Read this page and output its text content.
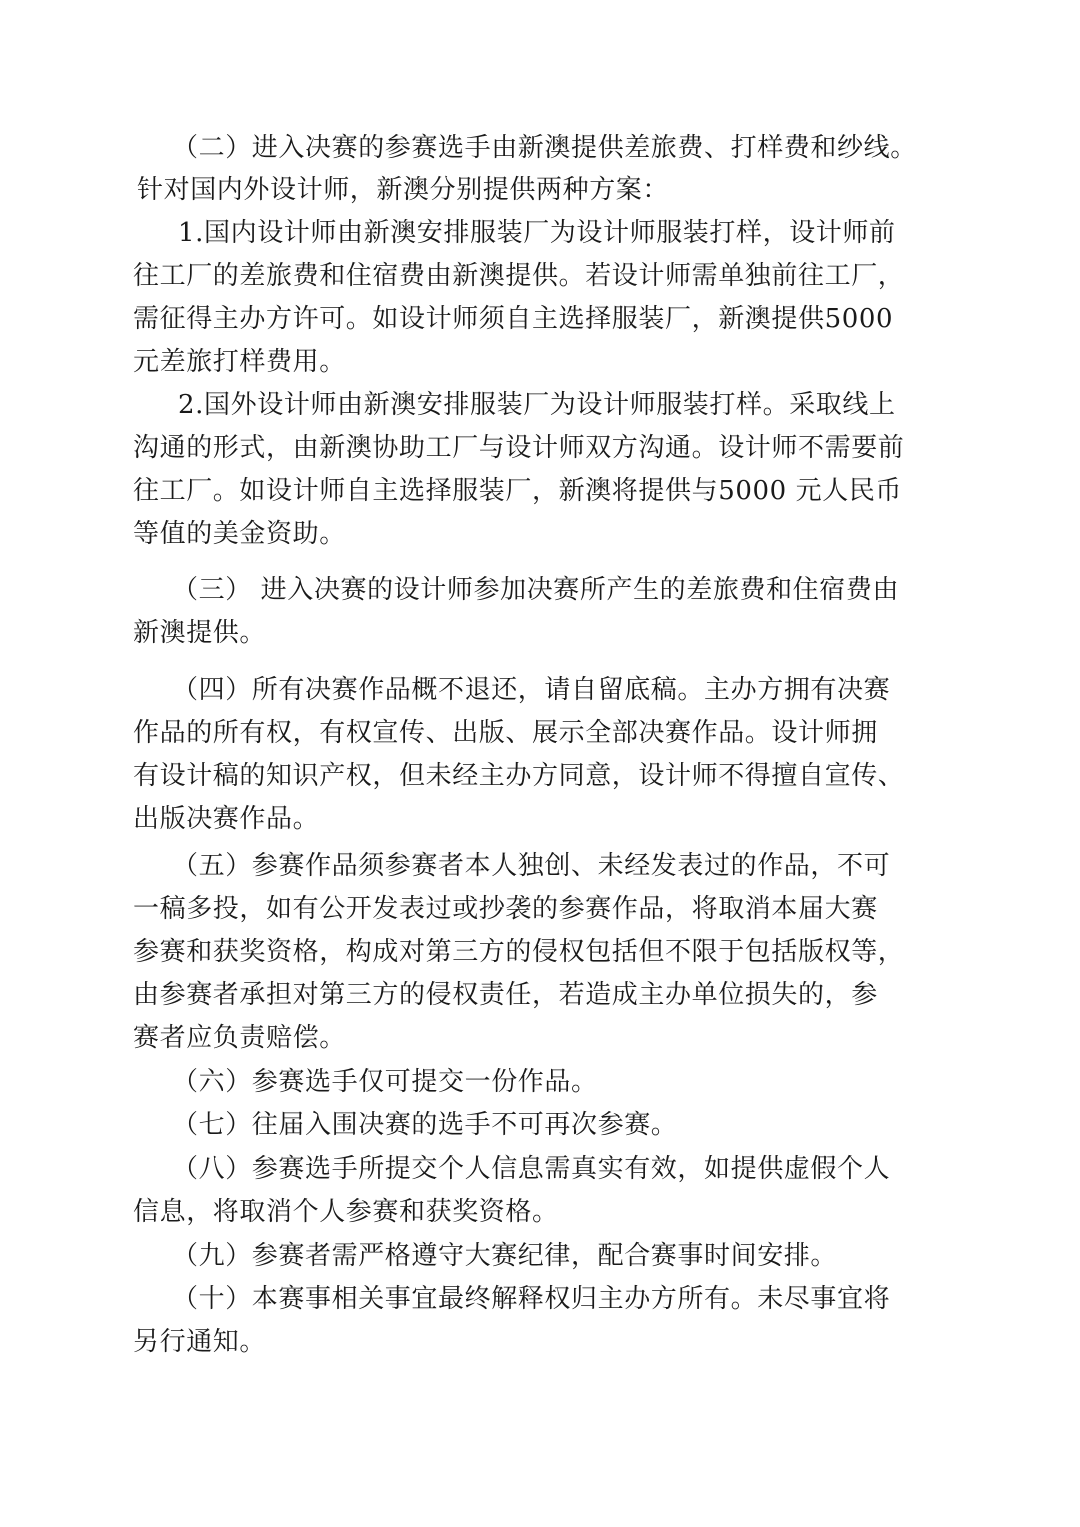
（二）进入决赛的参赛选手由新澳提供差旅费、打样费和纱线。
针对国内外设计师，新澳分别提供两种方案：
1.国内设计师由新澳安排服装厂为设计师服装打样，设计师前
往工厂的差旅费和住宿费由新澳提供。若设计师需单独前往工厂，
需征得主办方许可。如设计师须自主选择服装厂，新澳提供5000
元差旅打样费用。
2.国外设计师由新澳安排服装厂为设计师服装打样。采取线上
沟通的形式，由新澳协助工厂与设计师双方沟通。设计师不需要前
往工厂。如设计师自主选择服装厂，新澳将提供与5000 元人民币
等值的美金资助。
（三） 进入决赛的设计师参加决赛所产生的差旅费和住宿费由
新澳提供。
（四）所有决赛作品概不退还，请自留底稿。主办方拥有决赛
作品的所有权，有权宣传、出版、展示全部决赛作品。设计师拥
有设计稿的知识产权，但未经主办方同意，设计师不得擅自宣传、
出版决赛作品。
（五）参赛作品须参赛者本人独创、未经发表过的作品，不可
一稿多投，如有公开发表过或抄袭的参赛作品，将取消本届大赛
参赛和获奖资格，构成对第三方的侵权包括但不限于包括版权等，
由参赛者承担对第三方的侵权责任，若造成主办单位损失的，参
赛者应负责赔偿。
（六）参赛选手仅可提交一份作品。
（七）往届入围决赛的选手不可再次参赛。
（八）参赛选手所提交个人信息需真实有效，如提供虚假个人
信息，将取消个人参赛和获奖资格。
（九）参赛者需严格遵守大赛纪律，配合赛事时间安排。
（十）本赛事相关事宜最终解释权归主办方所有。未尽事宜将
另行通知。
